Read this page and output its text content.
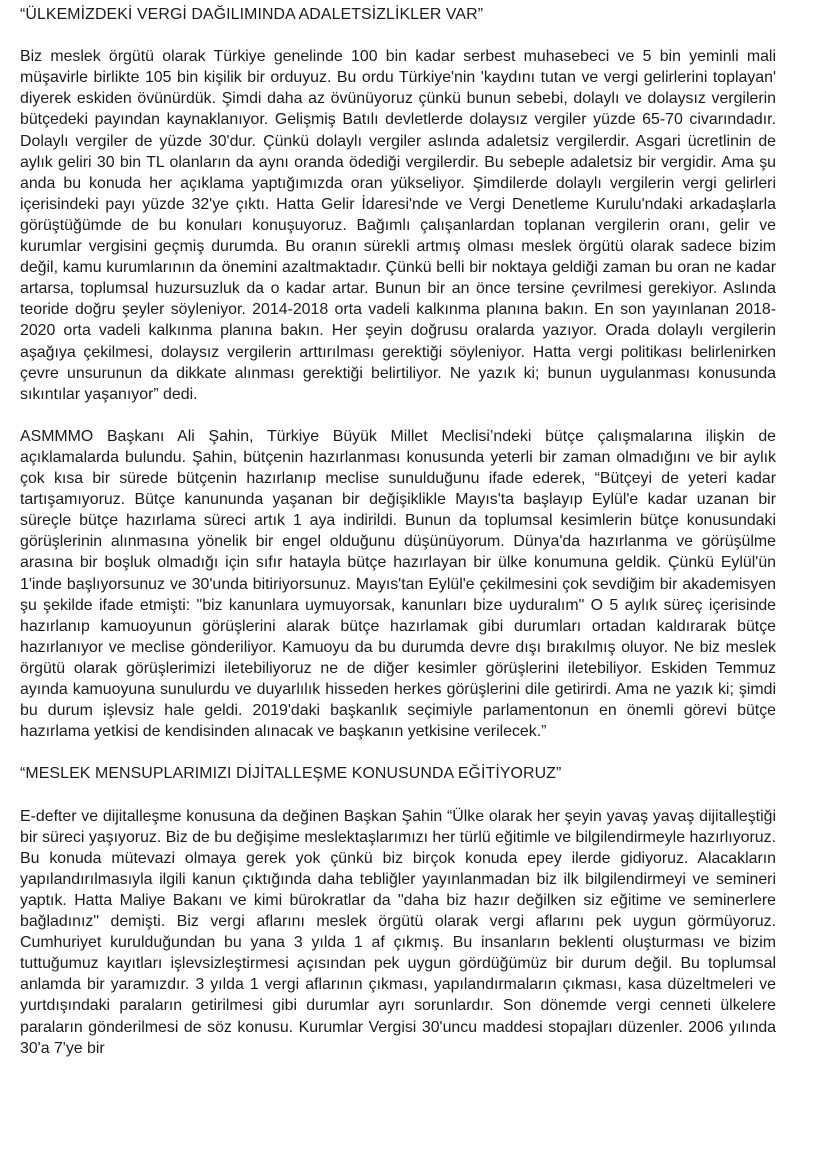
“ÜLKEMİZDEKİ VERGİ DAĞILIMINDA ADALETSİZLİKLER VAR”

Biz meslek örgütü olarak Türkiye genelinde 100 bin kadar serbest muhasebeci ve 5 bin yeminli mali müşavirle birlikte 105 bin kişilik bir orduyuz. Bu ordu Türkiye'nin 'kaydını tutan ve vergi gelirlerini toplayan' diyerek eskiden övünürdük. Şimdi daha az övünüyoruz çünkü bunun sebebi, dolaylı ve dolaysız vergilerin bütçedeki payından kaynaklanıyor. Gelişmiş Batılı devletlerde dolaysız vergiler yüzde 65-70 civarındadır. Dolaylı vergiler de yüzde 30'dur. Çünkü dolaylı vergiler aslında adaletsiz vergilerdir. Asgari ücretlinin de aylık geliri 30 bin TL olanların da aynı oranda ödediği vergilerdir. Bu sebeple adaletsiz bir vergidir. Ama şu anda bu konuda her açıklama yaptığımızda oran yükseliyor. Şimdilerde dolaylı vergilerin vergi gelirleri içerisindeki payı yüzde 32'ye çıktı. Hatta Gelir İdaresi'nde ve Vergi Denetleme Kurulu'ndaki arkadaşlarla görüştüğümde de bu konuları konuşuyoruz. Bağımlı çalışanlardan toplanan vergilerin oranı, gelir ve kurumlar vergisini geçmiş durumda. Bu oranın sürekli artmış olması meslek örgütü olarak sadece bizim değil, kamu kurumlarının da önemini azaltmaktadır. Çünkü belli bir noktaya geldiği zaman bu oran ne kadar artarsa, toplumsal huzursuzluk da o kadar artar. Bunun bir an önce tersine çevrilmesi gerekiyor. Aslında teoride doğru şeyler söyleniyor. 2014-2018 orta vadeli kalkınma planına bakın. En son yayınlanan 2018-2020 orta vadeli kalkınma planına bakın. Her şeyin doğrusu oralarda yazıyor. Orada dolaylı vergilerin aşağıya çekilmesi, dolaysız vergilerin arttırılması gerektiği söyleniyor. Hatta vergi politikası belirlenirken çevre unsurunun da dikkate alınması gerektiği belirtiliyor. Ne yazık ki; bunun uygulanması konusunda sıkıntılar yaşanıyor” dedi.

ASMMMO Başkanı Ali Şahin, Türkiye Büyük Millet Meclisi’ndeki bütçe çalışmalarına ilişkin de açıklamalarda bulundu. Şahin, bütçenin hazırlanması konusunda yeterli bir zaman olmadığını ve bir aylık çok kısa bir sürede bütçenin hazırlanıp meclise sunulduğunu ifade ederek, “Bütçeyi de yeteri kadar tartışamıyoruz. Bütçe kanununda yaşanan bir değişiklikle Mayıs'ta başlayıp Eylül'e kadar uzanan bir süreçle bütçe hazırlama süreci artık 1 aya indirildi. Bunun da toplumsal kesimlerin bütçe konusundaki görüşlerinin alınmasına yönelik bir engel olduğunu düşünüyorum. Dünya'da hazırlanma ve görüşülme arasına bir boşluk olmadığı için sıfır hatayla bütçe hazırlayan bir ülke konumuna geldik. Çünkü Eylül'ün 1'inde başlıyorsunuz ve 30'unda bitiriyorsunuz. Mayıs'tan Eylül'e çekilmesini çok sevdiğim bir akademisyen şu şekilde ifade etmişti: "biz kanunlara uymuyorsak, kanunları bize uyduralım" O 5 aylık süreç içerisinde hazırlanıp kamuoyunun görüşlerini alarak bütçe hazırlamak gibi durumları ortadan kaldırarak bütçe hazırlanıyor ve meclise gönderiliyor. Kamuoyu da bu durumda devre dışı bırakılmış oluyor. Ne biz meslek örgütü olarak görüşlerimizi iletebiliyoruz ne de diğer kesimler görüşlerini iletebiliyor. Eskiden Temmuz ayında kamuoyuna sunulurdu ve duyarlılık hisseden herkes görüşlerini dile getirirdi. Ama ne yazık ki; şimdi bu durum işlevsiz hale geldi. 2019'daki başkanlık seçimiyle parlamentonun en önemli görevi bütçe hazırlama yetkisi de kendisinden alınacak ve başkanın yetkisine verilecek.”

“MESLEK MENSUPLARIMIZI DİJİTALLEŞME KONUSUNDA EĞİTİYORUZ”

E-defter ve dijitalleşme konusuna da değinen Başkan Şahin “Ülke olarak her şeyin yavaş yavaş dijitalleştiği bir süreci yaşıyoruz. Biz de bu değişime meslektaşlarımızı her türlü eğitimle ve bilgilendirmeyle hazırlıyoruz. Bu konuda mütevazi olmaya gerek yok çünkü biz birçok konuda epey ilerde gidiyoruz. Alacakların yapılandırılmasıyla ilgili kanun çıktığında daha tebliğler yayınlanmadan biz ilk bilgilendirmeyi ve semineri yaptık. Hatta Maliye Bakanı ve kimi bürokratlar da "daha biz hazır değilken siz eğitime ve seminerlere bağladınız" demişti. Biz vergi aflarını meslek örgütü olarak vergi aflarını pek uygun görmüyoruz. Cumhuriyet kurulduğundan bu yana 3 yılda 1 af çıkmış. Bu insanların beklenti oluşturması ve bizim tuttuğumuz kayıtları işlevsizleştirmesi açısından pek uygun gördüğümüz bir durum değil. Bu toplumsal anlamda bir yaramızdır. 3 yılda 1 vergi aflarının çıkması, yapılandırmaların çıkması, kasa düzeltmeleri ve yurtdışındaki paraların getirilmesi gibi durumlar ayrı sorunlardır. Son dönemde vergi cenneti ülkelere paraların gönderilmesi de söz konusu. Kurumlar Vergisi 30'uncu maddesi stopajları düzenler. 2006 yılında 30'a 7'ye bir
